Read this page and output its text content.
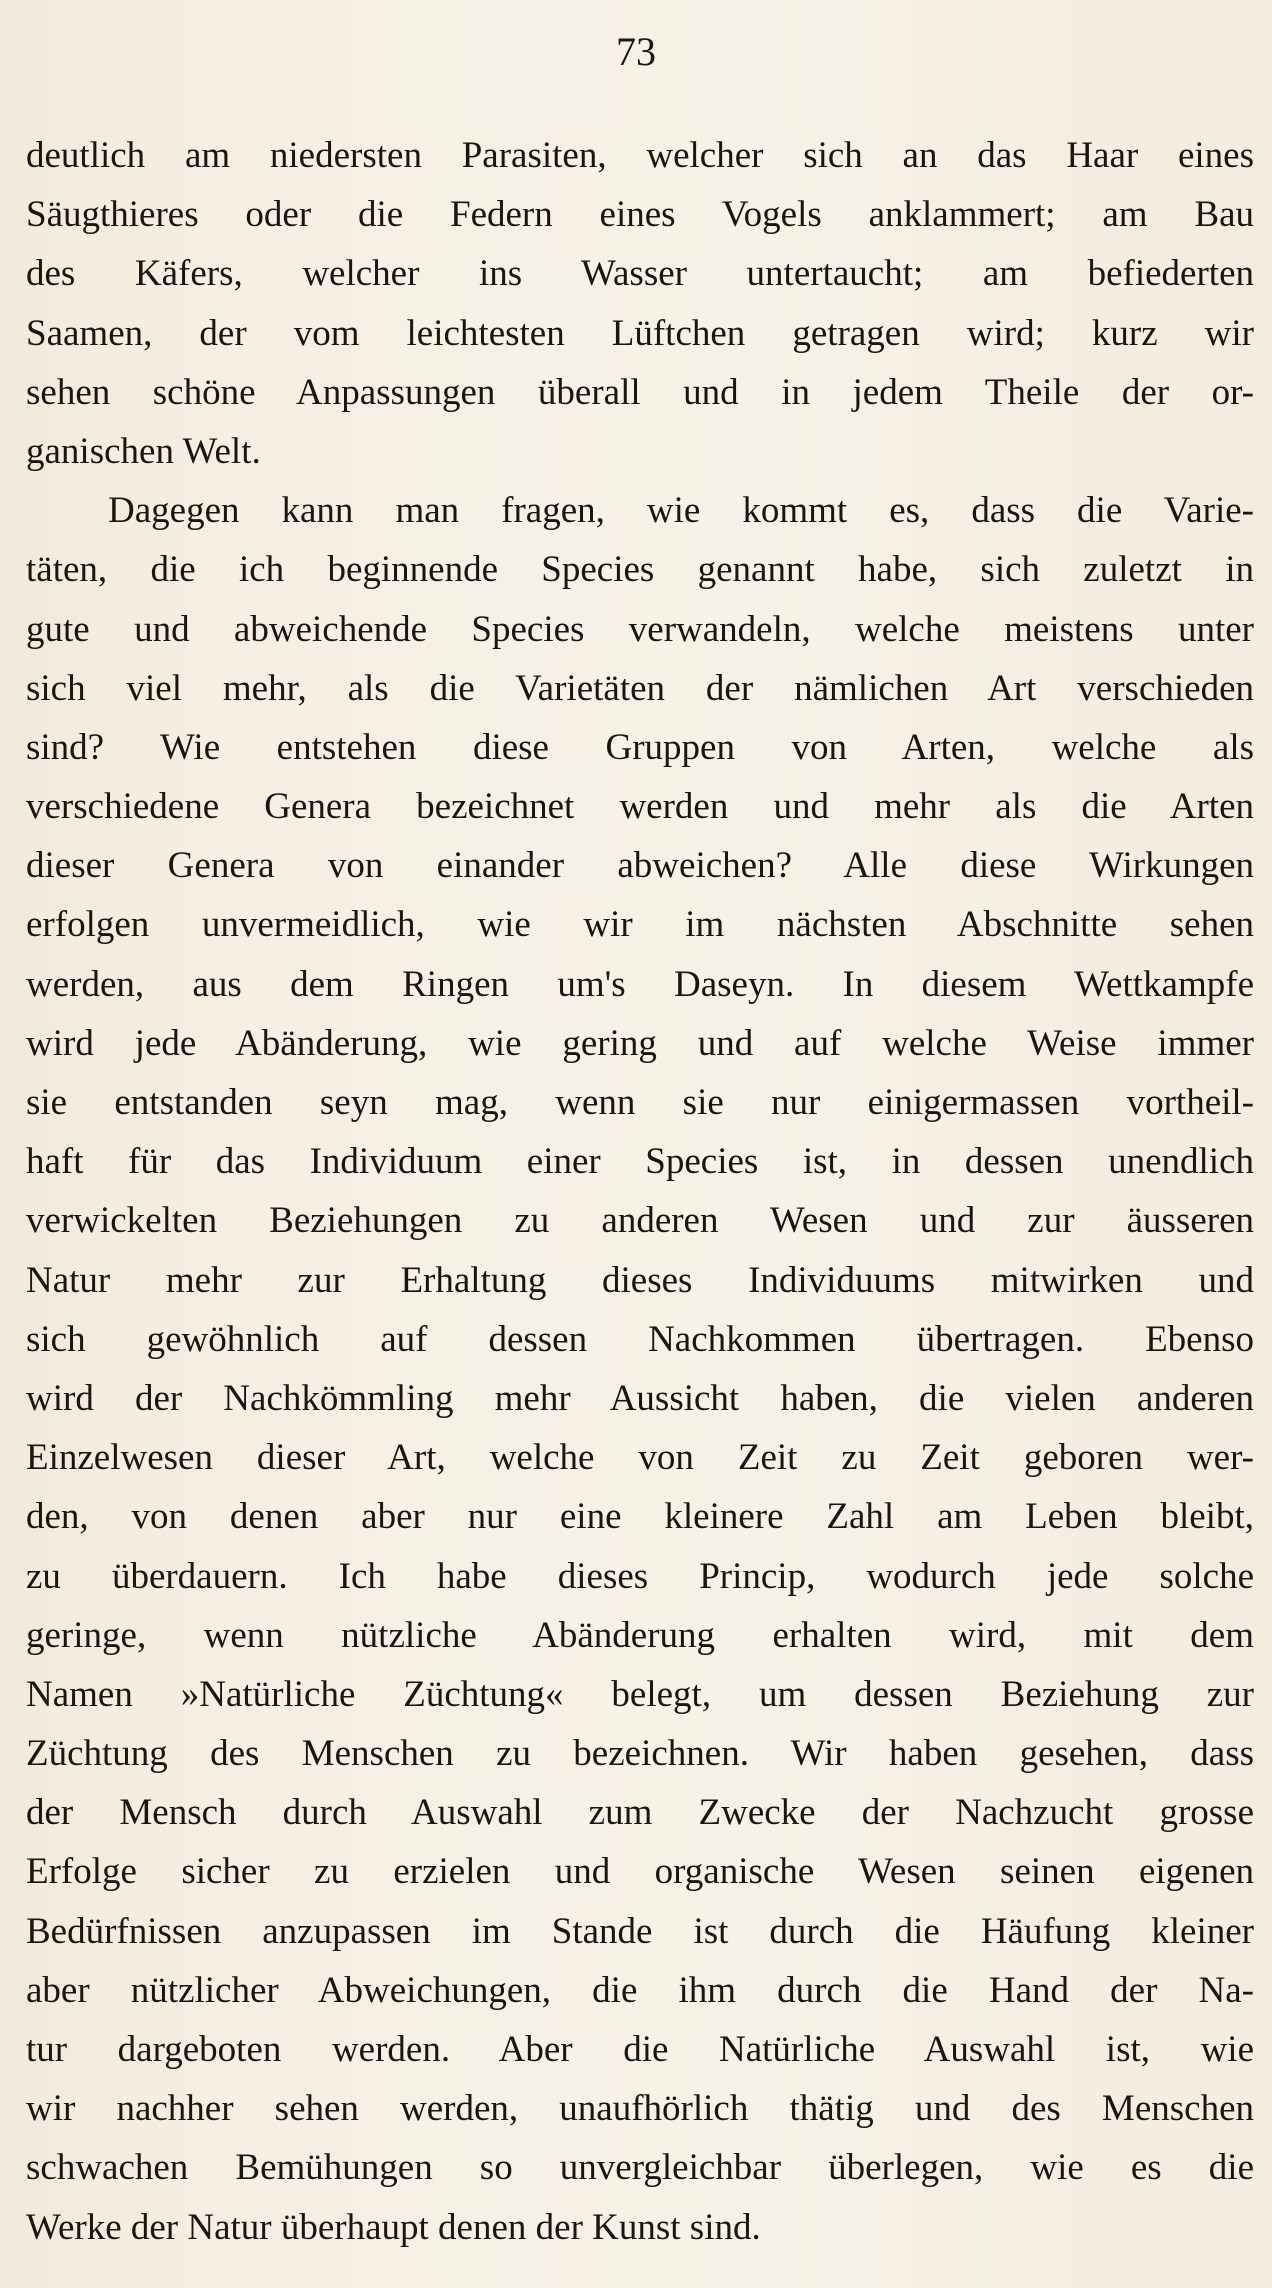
73
deutlich am niedersten Parasiten, welcher sich an das Haar eines
Säugthieres oder die Federn eines Vogels anklammert; am Bau
des Käfers, welcher ins Wasser untertaucht; am befiederten
Saamen, der vom leichtesten Lüftchen getragen wird; kurz wir
sehen schöne Anpassungen überall und in jedem Theile der or-
ganischen Welt.
Dagegen kann man fragen, wie kommt es, dass die Varie-
täten, die ich beginnende Species genannt habe, sich zuletzt in
gute und abweichende Species verwandeln, welche meistens unter
sich viel mehr, als die Varietäten der nämlichen Art verschieden
sind? Wie entstehen diese Gruppen von Arten, welche als
verschiedene Genera bezeichnet werden und mehr als die Arten
dieser Genera von einander abweichen? Alle diese Wirkungen
erfolgen unvermeidlich, wie wir im nächsten Abschnitte sehen
werden, aus dem Ringen um's Daseyn. In diesem Wettkampfe
wird jede Abänderung, wie gering und auf welche Weise immer
sie entstanden seyn mag, wenn sie nur einigermassen vortheil-
haft für das Individuum einer Species ist, in dessen unendlich
verwickelten Beziehungen zu anderen Wesen und zur äusseren
Natur mehr zur Erhaltung dieses Individuums mitwirken und
sich gewöhnlich auf dessen Nachkommen übertragen. Ebenso
wird der Nachkömmling mehr Aussicht haben, die vielen anderen
Einzelwesen dieser Art, welche von Zeit zu Zeit geboren wer-
den, von denen aber nur eine kleinere Zahl am Leben bleibt,
zu überdauern. Ich habe dieses Princip, wodurch jede solche
geringe, wenn nützliche Abänderung erhalten wird, mit dem
Namen »Natürliche Züchtung« belegt, um dessen Beziehung zur
Züchtung des Menschen zu bezeichnen. Wir haben gesehen, dass
der Mensch durch Auswahl zum Zwecke der Nachzucht grosse
Erfolge sicher zu erzielen und organische Wesen seinen eigenen
Bedürfnissen anzupassen im Stande ist durch die Häufung kleiner
aber nützlicher Abweichungen, die ihm durch die Hand der Na-
tur dargeboten werden. Aber die Natürliche Auswahl ist, wie
wir nachher sehen werden, unaufhörlich thätig und des Menschen
schwachen Bemühungen so unvergleichbar überlegen, wie es die
Werke der Natur überhaupt denen der Kunst sind.
